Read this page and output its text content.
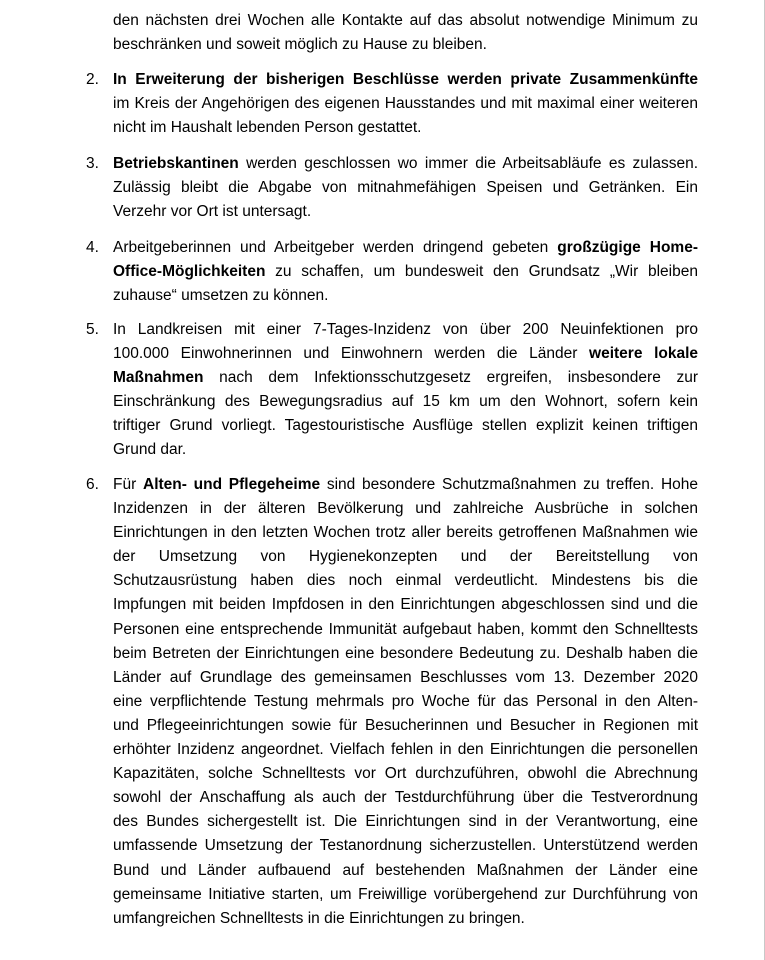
den nächsten drei Wochen alle Kontakte auf das absolut notwendige Minimum zu
beschränken und soweit möglich zu Hause zu bleiben.
2. In Erweiterung der bisherigen Beschlüsse werden private Zusammenkünfte
im Kreis der Angehörigen des eigenen Hausstandes und mit maximal einer weiteren
nicht im Haushalt lebenden Person gestattet.
3. Betriebskantinen werden geschlossen wo immer die Arbeitsabläufe es zulassen.
Zulässig bleibt die Abgabe von mitnahmefähigen Speisen und Getränken. Ein
Verzehr vor Ort ist untersagt.
4. Arbeitgeberinnen und Arbeitgeber werden dringend gebeten großzügige Home-
Office-Möglichkeiten zu schaffen, um bundesweit den Grundsatz „Wir bleiben
zuhause“ umsetzen zu können.
5. In Landkreisen mit einer 7-Tages-Inzidenz von über 200 Neuinfektionen pro
100.000 Einwohnerinnen und Einwohnern werden die Länder weitere lokale
Maßnahmen nach dem Infektionsschutzgesetz ergreifen, insbesondere zur
Einschränkung des Bewegungsradius auf 15 km um den Wohnort, sofern kein
triftiger Grund vorliegt. Tagestouristische Ausflüge stellen explizit keinen triftigen
Grund dar.
6. Für Alten- und Pflegeheime sind besondere Schutzmaßnahmen zu treffen. Hohe
Inzidenzen in der älteren Bevölkerung und zahlreiche Ausbrüche in solchen
Einrichtungen in den letzten Wochen trotz aller bereits getroffenen Maßnahmen wie
der Umsetzung von Hygienekonzepten und der Bereitstellung von
Schutzausrüstung haben dies noch einmal verdeutlicht. Mindestens bis die
Impfungen mit beiden Impfdosen in den Einrichtungen abgeschlossen sind und die
Personen eine entsprechende Immunität aufgebaut haben, kommt den Schnelltests
beim Betreten der Einrichtungen eine besondere Bedeutung zu. Deshalb haben die
Länder auf Grundlage des gemeinsamen Beschlusses vom 13. Dezember 2020
eine verpflichtende Testung mehrmals pro Woche für das Personal in den Alten-
und Pflegeeinrichtungen sowie für Besucherinnen und Besucher in Regionen mit
erhöhter Inzidenz angeordnet. Vielfach fehlen in den Einrichtungen die personellen
Kapazitäten, solche Schnelltests vor Ort durchzuführen, obwohl die Abrechnung
sowohl der Anschaffung als auch der Testdurchführung über die Testverordnung
des Bundes sichergestellt ist. Die Einrichtungen sind in der Verantwortung, eine
umfassende Umsetzung der Testanordnung sicherzustellen. Unterstützend werden
Bund und Länder aufbauend auf bestehenden Maßnahmen der Länder eine
gemeinsame Initiative starten, um Freiwillige vorübergehend zur Durchführung von
umfangreichen Schnelltests in die Einrichtungen zu bringen.
